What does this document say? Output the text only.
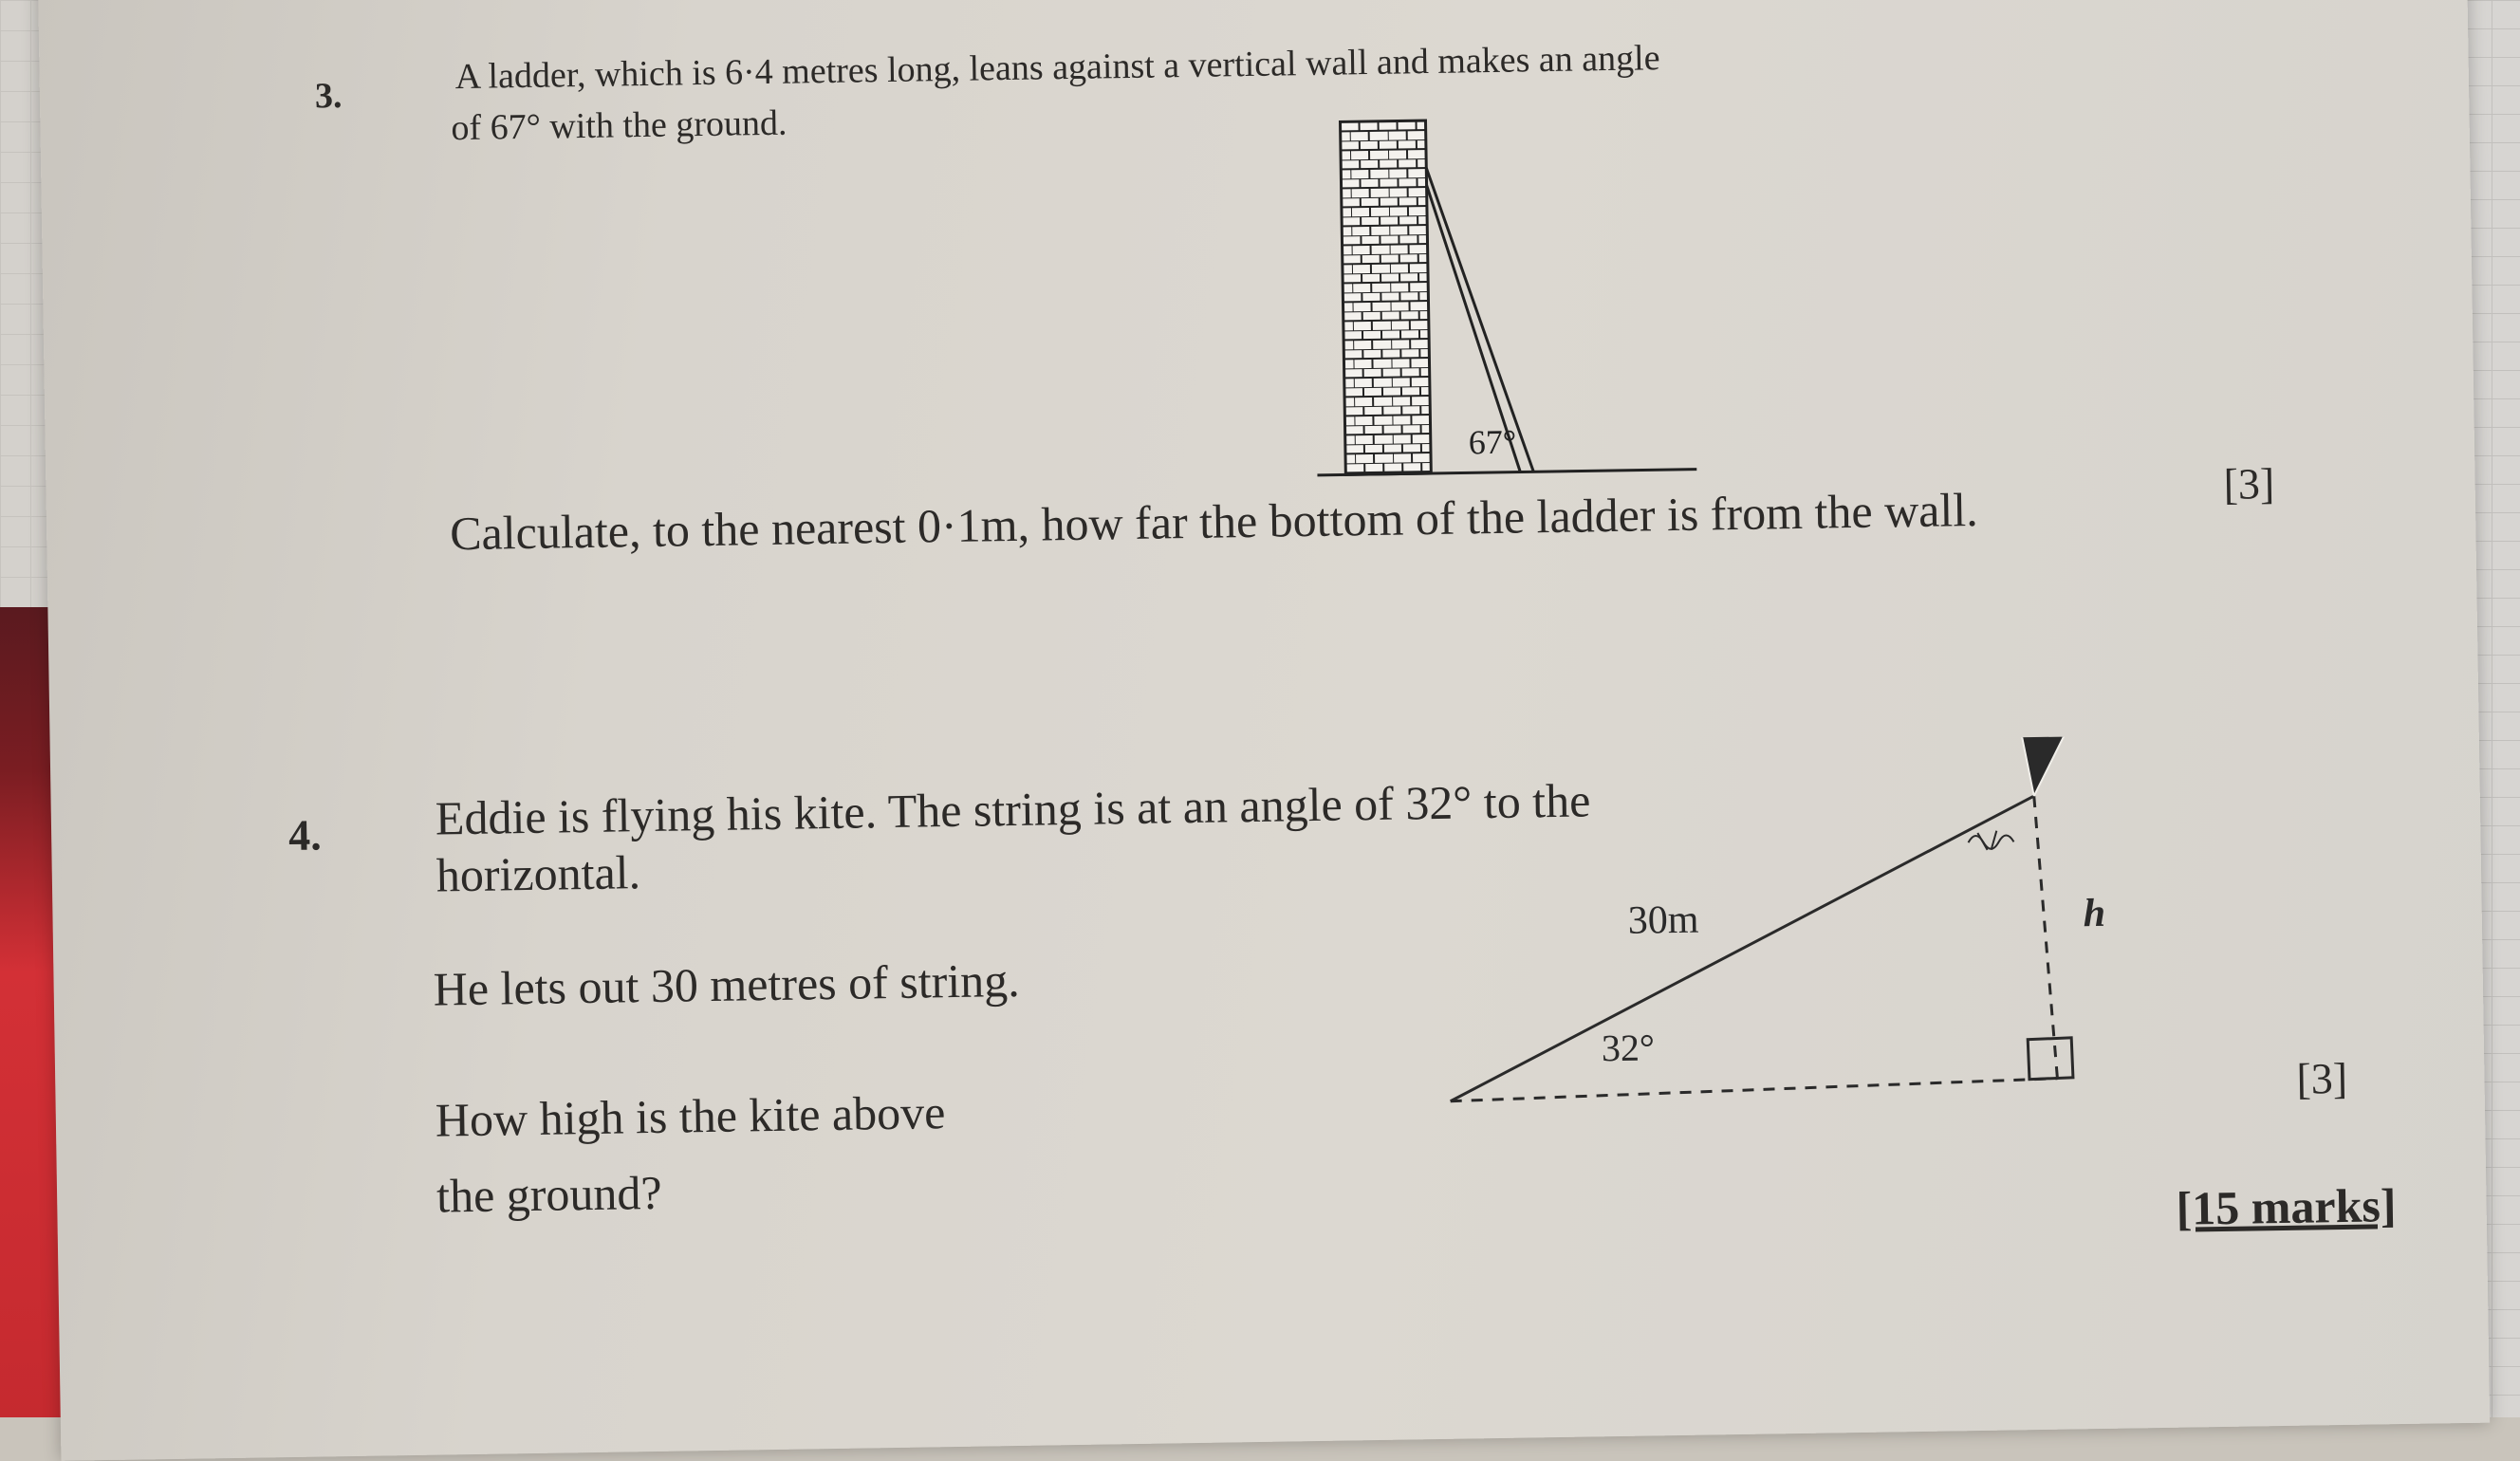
3.	A ladder, which is 6·4 metres long, leans against a vertical wall and makes an angle
of 67° with the ground.
67°
Calculate, to the nearest 0·1m, how far the bottom of the ladder is from the wall.	[3]
4. Eddie is flying his kite. The string is at an angle of 32° to the
horizontal.
He lets out 30 metres of string.
How high is the kite above
the ground?
30m
32°
h
[3]
[15 marks]
